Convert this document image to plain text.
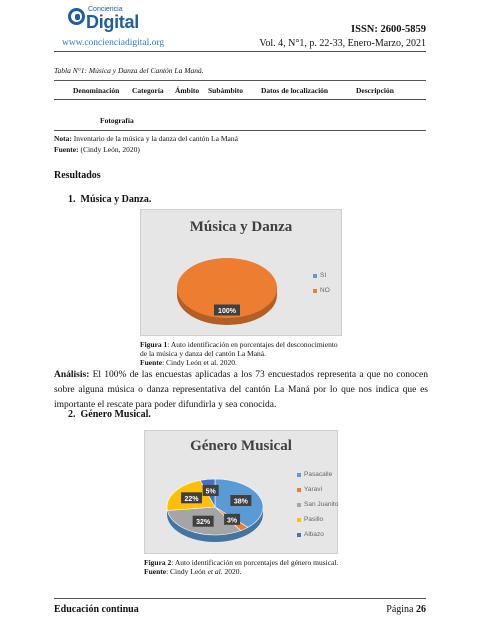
Conciencia
Digital
www.concienciadigital.org
ISSN: 2600-5859
Vol. 4, N°1, p. 22-33, Enero-Marzo, 2021
Tabla N°1: Música y Danza del Cantón La Maná.
Denominación Categoría Ámbito Subámbito Datos de localización	Descripción
Fotografía
Nota: Inventario de la música y la danza del cantón La Maná
Fuente: (Cindy León, 2020)
Resultados
1. Música y Danza.
Música y Danza
100%
SI
NO
Figura 1: Auto identificación en porcentajes del desconocimiento
de la música y danza del cantón La Maná.
Fuente: Cindy León et al. 2020.
Análisis: El 100% de las encuestas aplicadas a los 73 encuestados representa a que no conocen sobre alguna música o danza representativa del cantón La Maná por lo que nos indica que es importante el rescate para poder difundirla y sea conocida.
2. Género Musical.
Género Musical
38%
3%
32%
22%
5%
Pasacalle
Yaraví
San Juanito
Pasillo
Albazo
Figura 2: Auto identificación en porcentajes del género musical.
Fuente: Cindy León et al. 2020.
Educación continua	Página 26
